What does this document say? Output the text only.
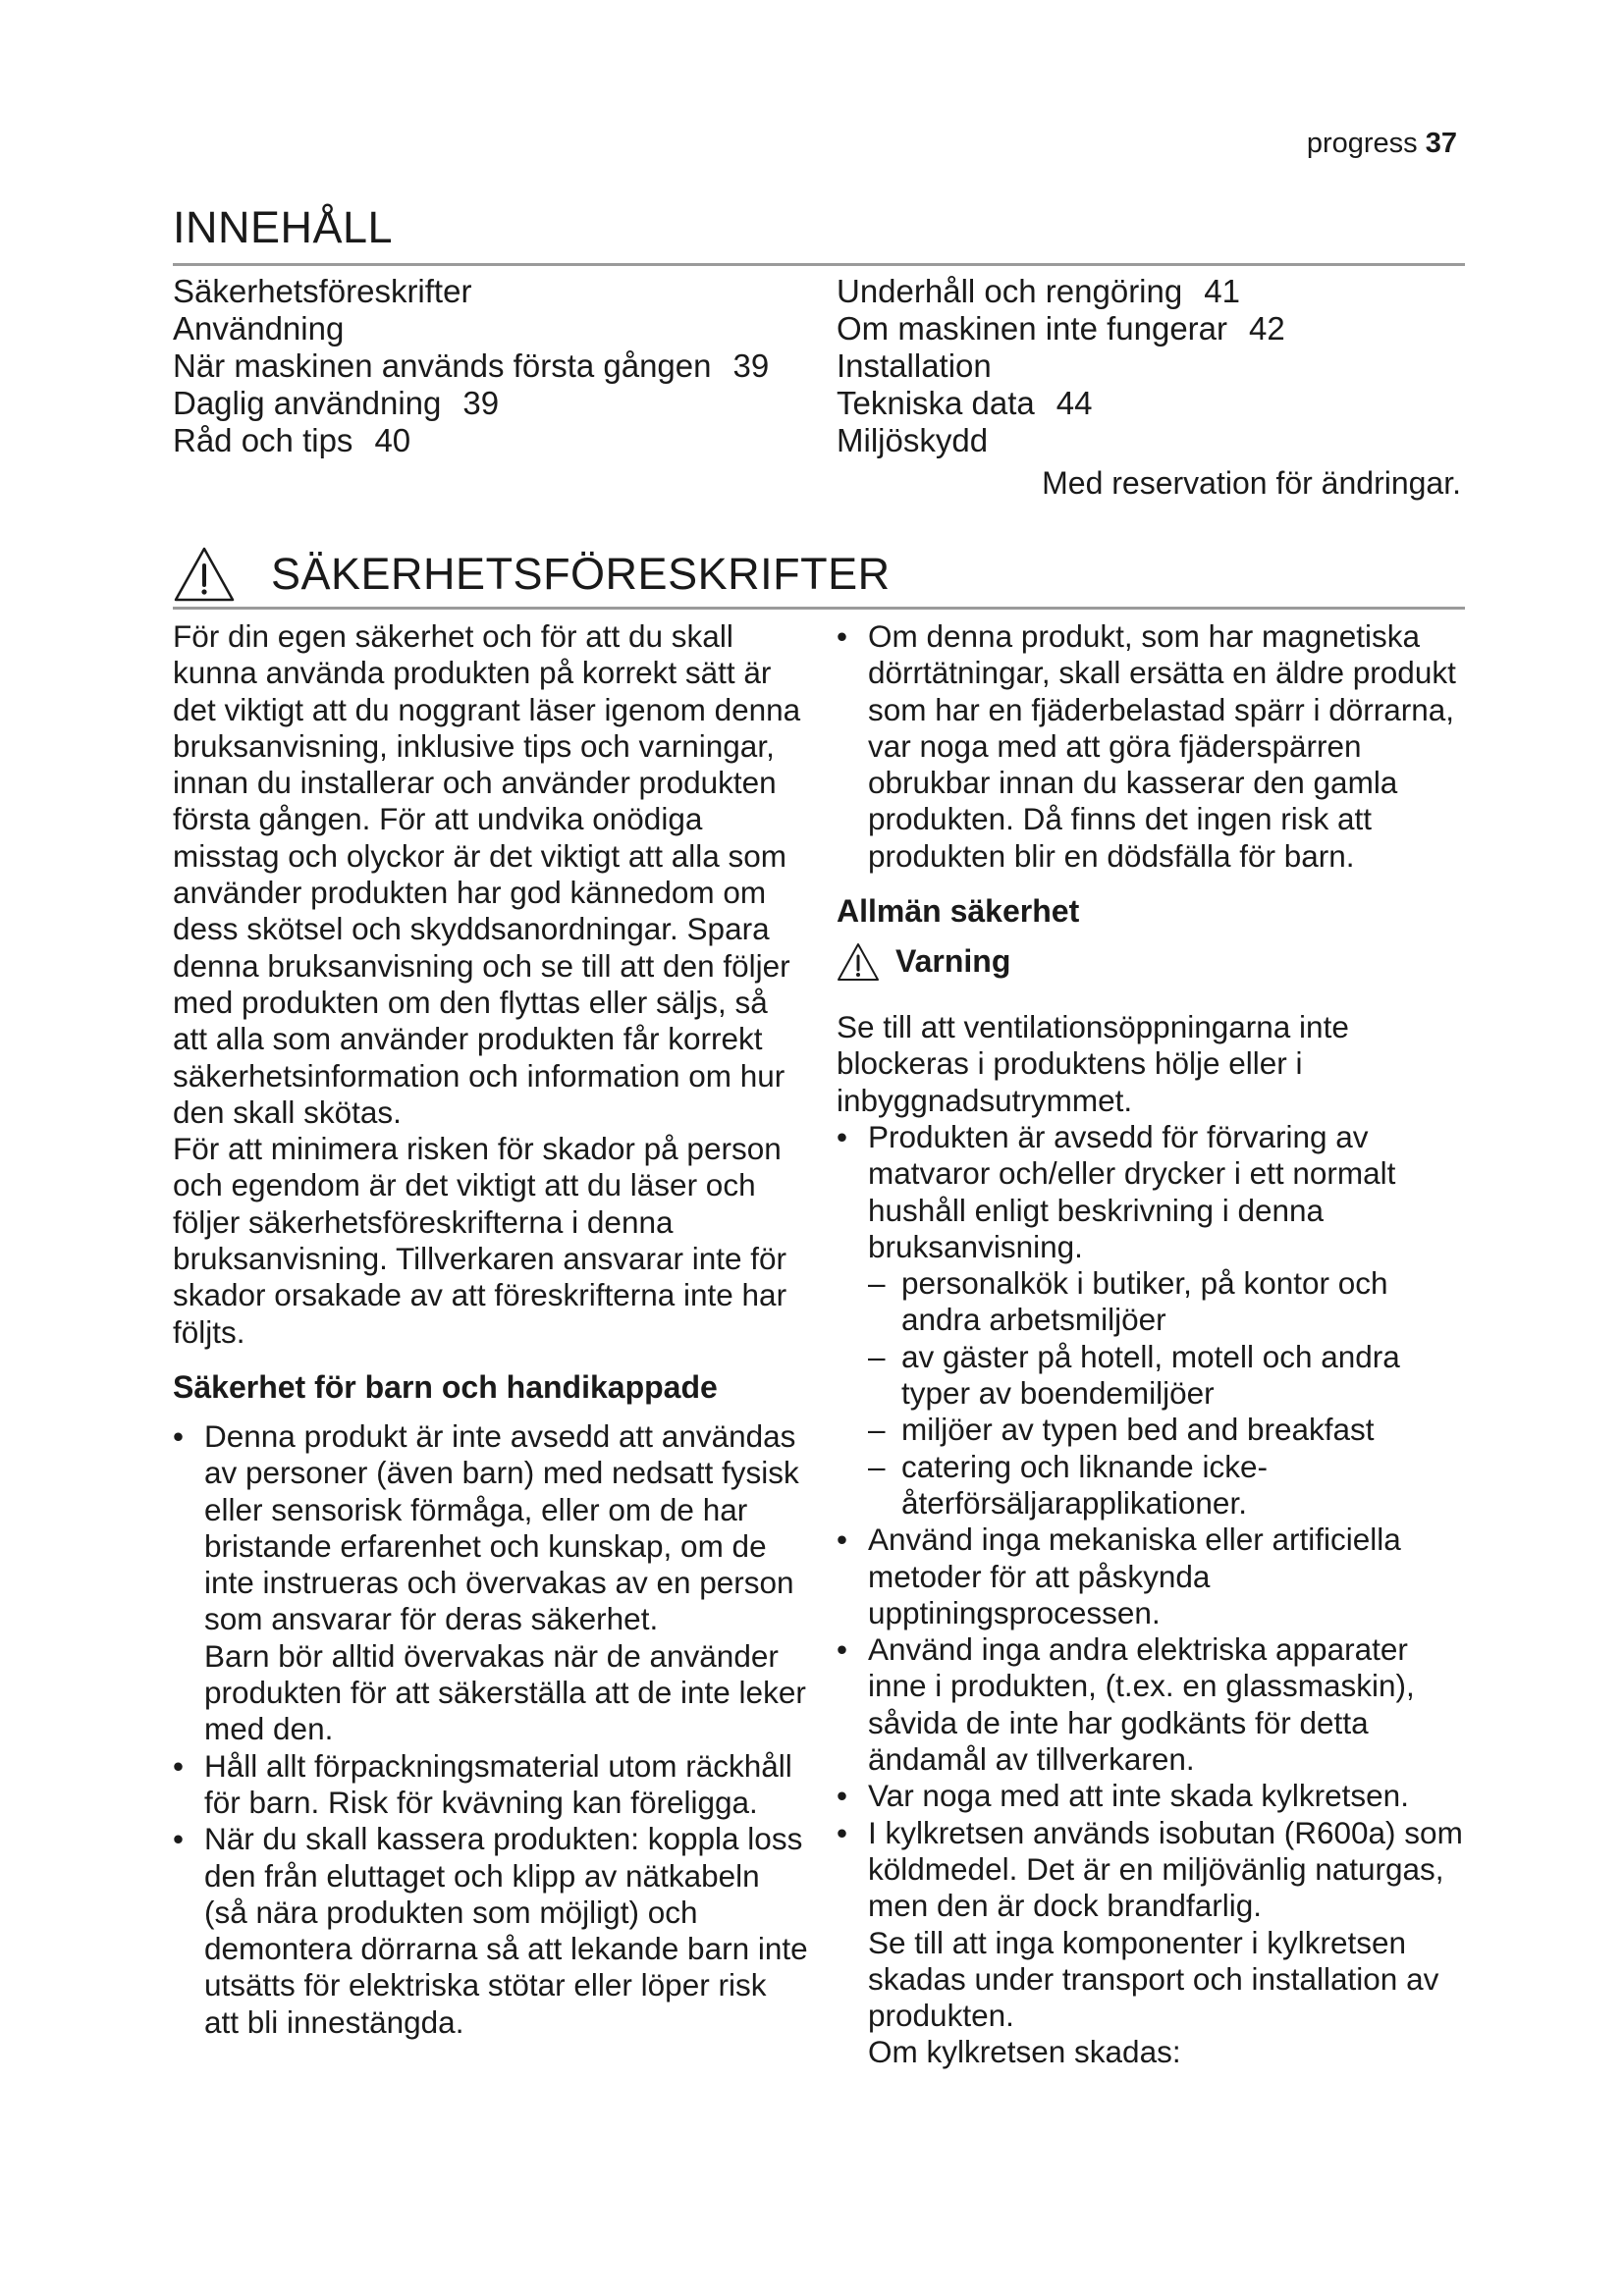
progress 37
INNEHÅLL
Säkerhetsföreskrifter
Användning
När maskinen används första gången 39
Daglig användning 39
Råd och tips 40
Underhåll och rengöring 41
Om maskinen inte fungerar 42
Installation
Tekniska data 44
Miljöskydd
Med reservation för ändringar.
SÄKERHETSFÖRESKRIFTER

För din egen säkerhet och för att du skall kunna använda produkten på korrekt sätt är det viktigt att du noggrant läser igenom denna bruksanvisning, inklusive tips och varningar, innan du installerar och använder produkten första gången. För att undvika onödiga misstag och olyckor är det viktigt att alla som använder produkten har god kännedom om dess skötsel och skyddsanordningar. Spara denna bruksanvisning och se till att den följer med produkten om den flyttas eller säljs, så att alla som använder produkten får korrekt säkerhetsinformation och information om hur den skall skötas.

För att minimera risken för skador på person och egendom är det viktigt att du läser och följer säkerhetsföreskrifterna i denna bruksanvisning. Tillverkaren ansvarar inte för skador orsakade av att föreskrifterna inte har följts.

Säkerhet för barn och handikappade
• Denna produkt är inte avsedd att användas av personer (även barn) med nedsatt fysisk eller sensorisk förmåga, eller om de har bristande erfarenhet och kunskap, om de inte instrueras och övervakas av en person som ansvarar för deras säkerhet.
Barn bör alltid övervakas när de använder produkten för att säkerställa att de inte leker med den.
• Håll allt förpackningsmaterial utom räckhåll för barn. Risk för kvävning kan föreligga.
• När du skall kassera produkten: koppla loss den från eluttaget och klipp av nätkabeln (så nära produkten som möjligt) och demontera dörrarna så att lekande barn inte utsätts för elektriska stötar eller löper risk att bli innestängda.
• Om denna produkt, som har magnetiska dörrtätningar, skall ersätta en äldre produkt som har en fjäderbelastad spärr i dörrarna, var noga med att göra fjäderspärren obrukbar innan du kasserar den gamla produkten. Då finns det ingen risk att produkten blir en dödsfälla för barn.
Allmän säkerhet
Varning

Se till att ventilationsöppningarna inte blockeras i produktens hölje eller i inbyggnadsutrymmet.

• Produkten är avsedd för förvaring av matvaror och/eller drycker i ett normalt hushåll enligt beskrivning i denna bruksanvisning.
– personalkök i butiker, på kontor och andra arbetsmiljöer
– av gäster på hotell, motell och andra typer av boendemiljöer
– miljöer av typen bed and breakfast
– catering och liknande icke-återförsäljarapplikationer.
• Använd inga mekaniska eller artificiella metoder för att påskynda upptiningsprocessen.
• Använd inga andra elektriska apparater inne i produkten, (t.ex. en glassmaskin), såvida de inte har godkänts för detta ändamål av tillverkaren.
• Var noga med att inte skada kylkretsen.
• I kylkretsen används isobutan (R600a) som köldmedel. Det är en miljövänlig naturgas, men den är dock brandfarlig.
Se till att inga komponenter i kylkretsen skadas under transport och installation av produkten.
Om kylkretsen skadas:
